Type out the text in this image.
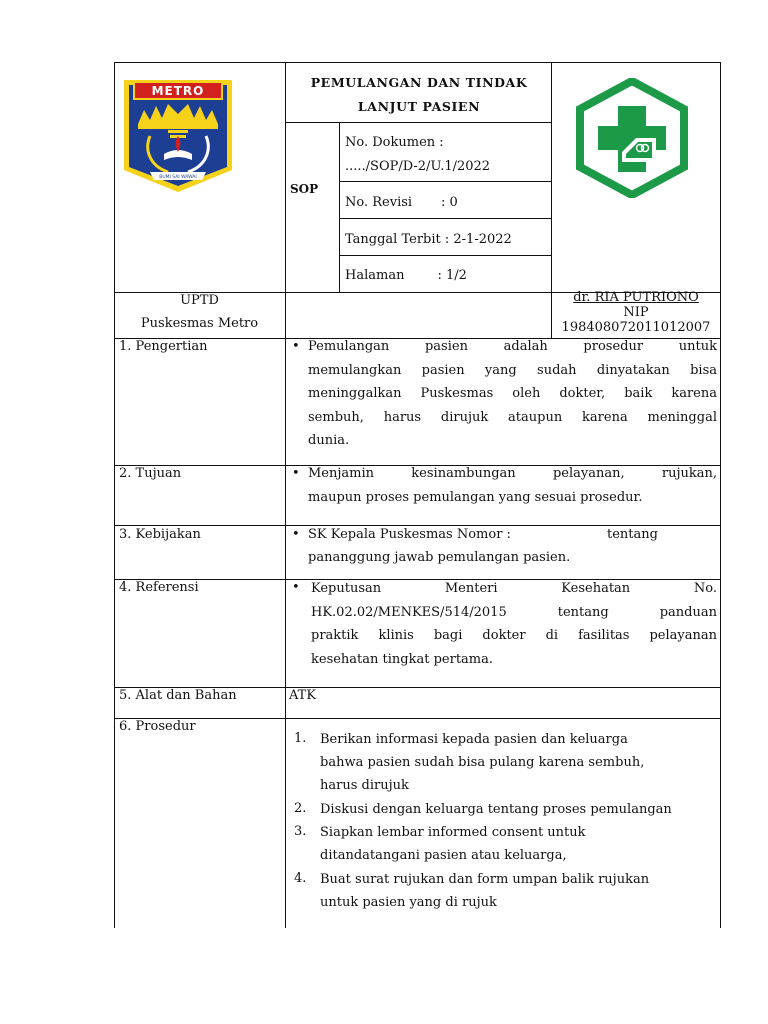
METRO
BUMI SAI WAWAI
PEMULANGAN DAN TINDAK
LANJUT PASIEN
SOP
No. Dokumen :
...../SOP/D-2/U.1/2022
No. Revisi       : 0
Tanggal Terbit : 2-1-2022
Halaman        : 1/2
UPTD
Puskesmas Metro
dr. RIA PUTRIONO
NIP
198408072011012007
1. Pengertian	• Pemulangan pasien adalah prosedur untuk
memulangkan pasien yang sudah dinyatakan bisa
meninggalkan Puskesmas oleh dokter, baik karena
sembuh, harus dirujuk ataupun karena meninggal
dunia.
2. Tujuan	• Menjamin kesinambungan pelayanan, rujukan,
maupun proses pemulangan yang sesuai prosedur.
3. Kebijakan	• SK Kepala Puskesmas Nomor :	tentang
pananggung jawab pemulangan pasien.
4. Referensi	• Keputusan Menteri Kesehatan No.
HK.02.02/MENKES/514/2015 tentang panduan
praktik klinis bagi dokter di fasilitas pelayanan
kesehatan tingkat pertama.
5. Alat dan Bahan	ATK
6. Prosedur
1. Berikan informasi kepada pasien dan keluarga
bahwa pasien sudah bisa pulang karena sembuh,
harus dirujuk
2. Diskusi dengan keluarga tentang proses pemulangan
3. Siapkan lembar informed consent untuk
ditandatangani pasien atau keluarga,
4. Buat surat rujukan dan form umpan balik rujukan
untuk pasien yang di rujuk
